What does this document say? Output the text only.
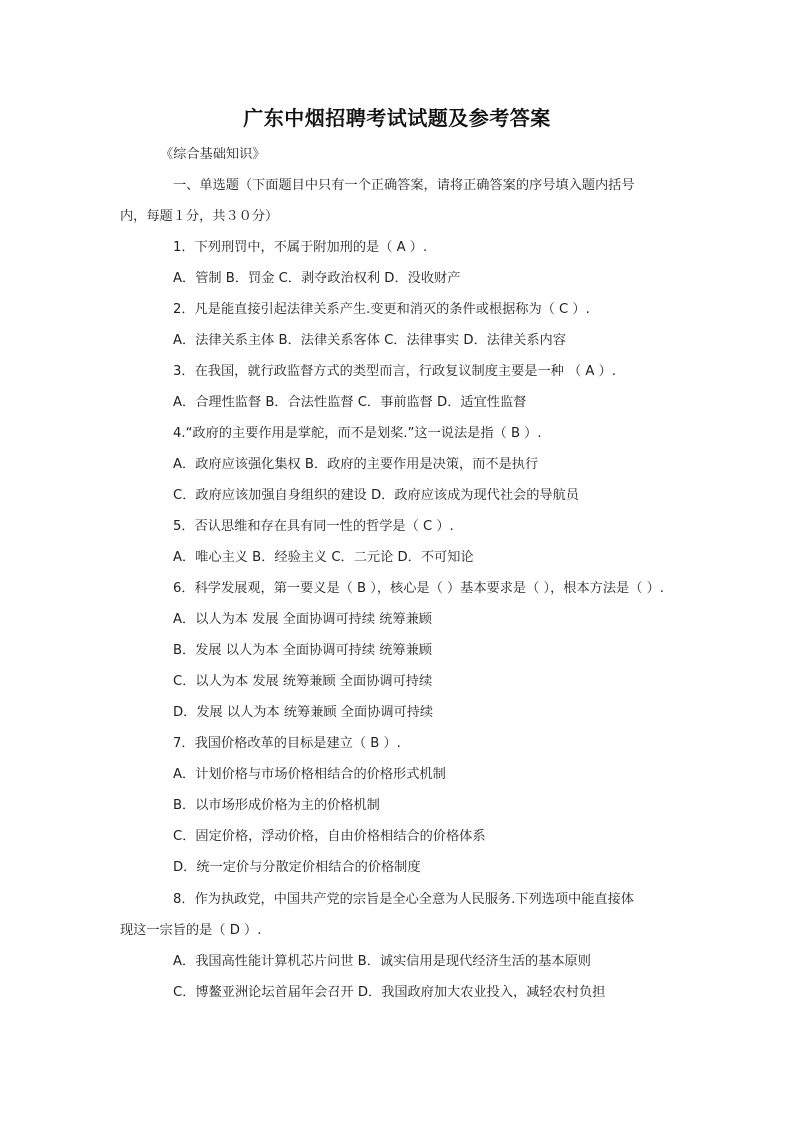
广东中烟招聘考试试题及参考答案
《综合基础知识》
一、单选题（下面题目中只有一个正确答案，请将正确答案的序号填入题内括号
内，每题１分，共３０分）
1．下列刑罚中，不属于附加刑的是（ A ）.
A．管制 B．罚金 C．剥夺政治权利 D．没收财产
2．凡是能直接引起法律关系产生.变更和消灭的条件或根据称为（ C ）.
A．法律关系主体 B．法律关系客体 C．法律事实 D．法律关系内容
3．在我国，就行政监督方式的类型而言，行政复议制度主要是一种 （ A ）.
A．合理性监督 B．合法性监督 C．事前监督 D．适宜性监督
4.“政府的主要作用是掌舵，而不是划桨.”这一说法是指（ B ）.
A．政府应该强化集权 B．政府的主要作用是决策，而不是执行
C．政府应该加强自身组织的建设 D．政府应该成为现代社会的导航员
5．否认思维和存在具有同一性的哲学是（ C ）.
A．唯心主义 B．经验主义 C．二元论 D．不可知论
6．科学发展观，第一要义是（ B ），核心是（ ）基本要求是（ ），根本方法是（ ）.
A．以人为本 发展 全面协调可持续 统筹兼顾
B．发展 以人为本 全面协调可持续 统筹兼顾
C．以人为本 发展 统筹兼顾 全面协调可持续
D．发展 以人为本 统筹兼顾 全面协调可持续
7．我国价格改革的目标是建立（ B ）.
A．计划价格与市场价格相结合的价格形式机制
B．以市场形成价格为主的价格机制
C．固定价格，浮动价格，自由价格相结合的价格体系
D．统一定价与分散定价相结合的价格制度
8．作为执政党，中国共产党的宗旨是全心全意为人民服务.下列选项中能直接体
现这一宗旨的是（ D ）.
A．我国高性能计算机芯片问世 B．诚实信用是现代经济生活的基本原则
C．博鳌亚洲论坛首届年会召开 D．我国政府加大农业投入，减轻农村负担
